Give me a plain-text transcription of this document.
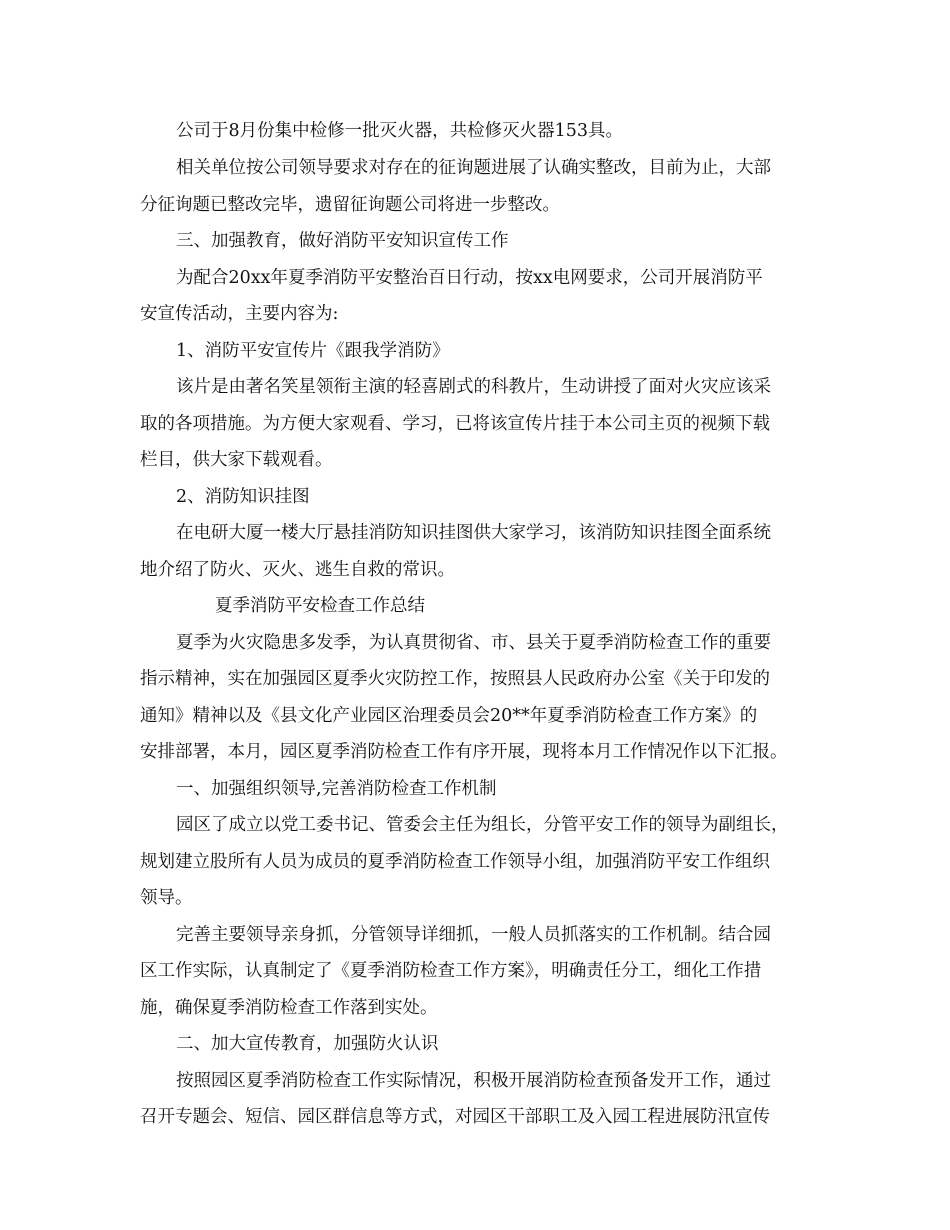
公司于8月份集中检修一批灭火器，共检修灭火器153具。
相关单位按公司领导要求对存在的征询题进展了认确实整改，目前为止，大部
分征询题已整改完毕，遗留征询题公司将进一步整改。
三、加强教育，做好消防平安知识宣传工作
为配合20xx年夏季消防平安整治百日行动，按xx电网要求，公司开展消防平
安宣传活动，主要内容为:
1、消防平安宣传片《跟我学消防》
该片是由著名笑星领衔主演的轻喜剧式的科教片，生动讲授了面对火灾应该采
取的各项措施。为方便大家观看、学习，已将该宣传片挂于本公司主页的视频下载
栏目，供大家下载观看。
2、消防知识挂图
在电研大厦一楼大厅悬挂消防知识挂图供大家学习，该消防知识挂图全面系统
地介绍了防火、灭火、逃生自救的常识。
夏季消防平安检查工作总结
夏季为火灾隐患多发季，为认真贯彻省、市、县关于夏季消防检查工作的重要
指示精神，实在加强园区夏季火灾防控工作，按照县人民政府办公室《关于印发的
通知》精神以及《县文化产业园区治理委员会20**年夏季消防检查工作方案》的
安排部署，本月，园区夏季消防检查工作有序开展，现将本月工作情况作以下汇报。
一、加强组织领导,完善消防检查工作机制
园区了成立以党工委书记、管委会主任为组长，分管平安工作的领导为副组长，
规划建立股所有人员为成员的夏季消防检查工作领导小组，加强消防平安工作组织
领导。
完善主要领导亲身抓，分管领导详细抓，一般人员抓落实的工作机制。结合园
区工作实际，认真制定了《夏季消防检查工作方案》，明确责任分工，细化工作措
施，确保夏季消防检查工作落到实处。
二、加大宣传教育，加强防火认识
按照园区夏季消防检查工作实际情况，积极开展消防检查预备发开工作，通过
召开专题会、短信、园区群信息等方式，对园区干部职工及入园工程进展防汛宣传
